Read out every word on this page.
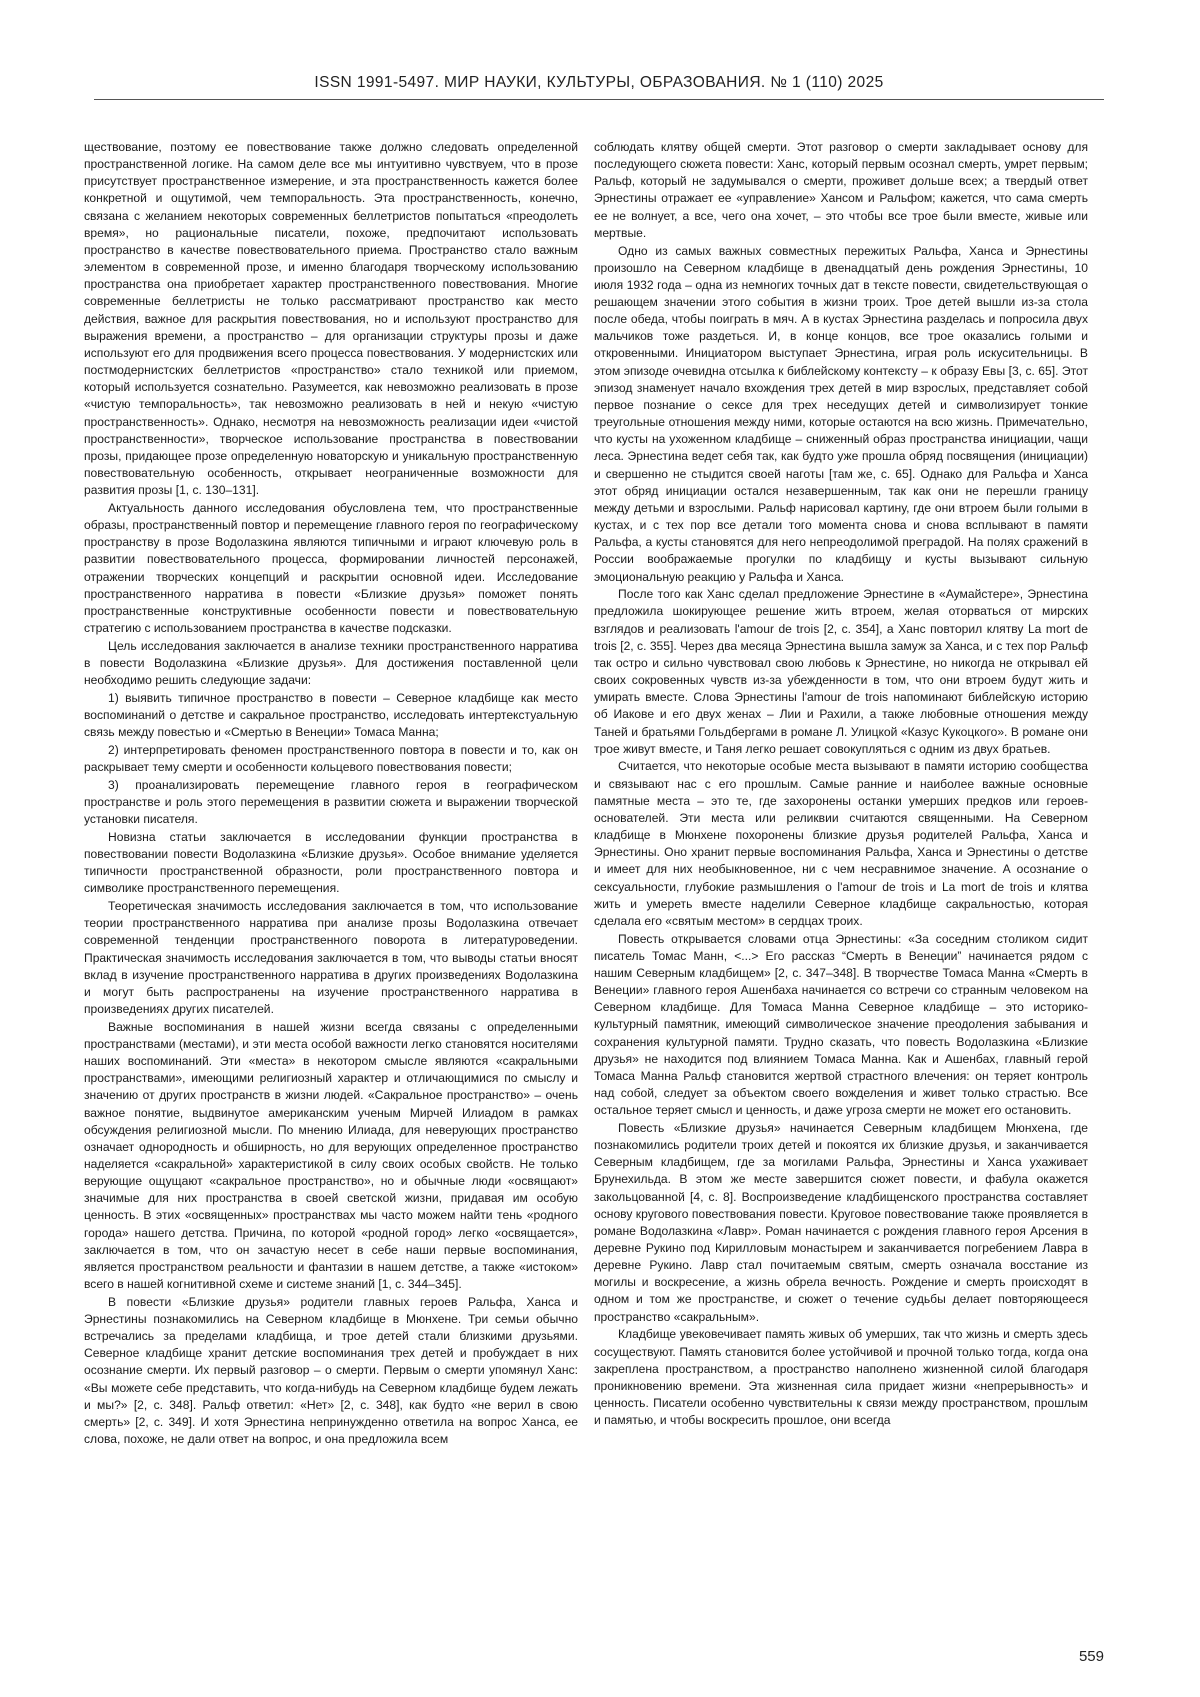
ISSN 1991-5497. МИР НАУКИ, КУЛЬТУРЫ, ОБРАЗОВАНИЯ. № 1 (110) 2025

ществование, поэтому ее повествование также должно следовать определенной пространственной логике. На самом деле все мы интуитивно чувствуем, что в прозе присутствует пространственное измерение, и эта пространственность кажется более конкретной и ощутимой, чем темпоральность. Эта пространственность, конечно, связана с желанием некоторых современных беллетристов попытаться «преодолеть время», но рациональные писатели, похоже, предпочитают использовать пространство в качестве повествовательного приема. Пространство стало важным элементом в современной прозе, и именно благодаря творческому использованию пространства она приобретает характер пространственного повествования. Многие современные беллетристы не только рассматривают пространство как место действия, важное для раскрытия повествования, но и используют пространство для выражения времени, а пространство – для организации структуры прозы и даже используют его для продвижения всего процесса повествования. У модернистских или постмодернистских беллетристов «пространство» стало техникой или приемом, который используется сознательно. Разумеется, как невозможно реализовать в прозе «чистую темпоральность», так невозможно реализовать в ней и некую «чистую пространственность». Однако, несмотря на невозможность реализации идеи «чистой пространственности», творческое использование пространства в повествовании прозы, придающее прозе определенную новаторскую и уникальную пространственную повествовательную особенность, открывает неограниченные возможности для развития прозы [1, с. 130–131].

Актуальность данного исследования обусловлена тем, что пространственные образы, пространственный повтор и перемещение главного героя по географическому пространству в прозе Водолазкина являются типичными и играют ключевую роль в развитии повествовательного процесса, формировании личностей персонажей, отражении творческих концепций и раскрытии основной идеи. Исследование пространственного нарратива в повести «Близкие друзья» поможет понять пространственные конструктивные особенности повести и повествовательную стратегию с использованием пространства в качестве подсказки.

Цель исследования заключается в анализе техники пространственного нарратива в повести Водолазкина «Близкие друзья». Для достижения поставленной цели необходимо решить следующие задачи:

1) выявить типичное пространство в повести – Северное кладбище как место воспоминаний о детстве и сакральное пространство, исследовать интертекстуальную связь между повестью и «Смертью в Венеции» Томаса Манна;

2) интерпретировать феномен пространственного повтора в повести и то, как он раскрывает тему смерти и особенности кольцевого повествования повести;

3) проанализировать перемещение главного героя в географическом пространстве и роль этого перемещения в развитии сюжета и выражении творческой установки писателя.

Новизна статьи заключается в исследовании функции пространства в повествовании повести Водолазкина «Близкие друзья». Особое внимание уделяется типичности пространственной образности, роли пространственного повтора и символике пространственного перемещения.

Теоретическая значимость исследования заключается в том, что использование теории пространственного нарратива при анализе прозы Водолазкина отвечает современной тенденции пространственного поворота в литературоведении. Практическая значимость исследования заключается в том, что выводы статьи вносят вклад в изучение пространственного нарратива в других произведениях Водолазкина и могут быть распространены на изучение пространственного нарратива в произведениях других писателей.

Важные воспоминания в нашей жизни всегда связаны с определенными пространствами (местами), и эти места особой важности легко становятся носителями наших воспоминаний. Эти «места» в некотором смысле являются «сакральными пространствами», имеющими религиозный характер и отличающимися по смыслу и значению от других пространств в жизни людей. «Сакральное пространство» – очень важное понятие, выдвинутое американским ученым Мирчей Илиадом в рамках обсуждения религиозной мысли. По мнению Илиада, для неверующих пространство означает однородность и обширность, но для верующих определенное пространство наделяется «сакральной» характеристикой в силу своих особых свойств. Не только верующие ощущают «сакральное пространство», но и обычные люди «освящают» значимые для них пространства в своей светской жизни, придавая им особую ценность. В этих «освященных» пространствах мы часто можем найти тень «родного города» нашего детства. Причина, по которой «родной город» легко «освящается», заключается в том, что он зачастую несет в себе наши первые воспоминания, является пространством реальности и фантазии в нашем детстве, а также «истоком» всего в нашей когнитивной схеме и системе знаний [1, с. 344–345].

В повести «Близкие друзья» родители главных героев Ральфа, Ханса и Эрнестины познакомились на Северном кладбище в Мюнхене. Три семьи обычно встречались за пределами кладбища, и трое детей стали близкими друзьями. Северное кладбище хранит детские воспоминания трех детей и пробуждает в них осознание смерти. Их первый разговор – о смерти. Первым о смерти упомянул Ханс: «Вы можете себе представить, что когда-нибудь на Северном кладбище будем лежать и мы?» [2, с. 348]. Ральф ответил: «Нет» [2, с. 348], как будто «не верил в свою смерть» [2, с. 349]. И хотя Эрнестина непринужденно ответила на вопрос Ханса, ее слова, похоже, не дали ответ на вопрос, и она предложила всем

соблюдать клятву общей смерти. Этот разговор о смерти закладывает основу для последующего сюжета повести: Ханс, который первым осознал смерть, умрет первым; Ральф, который не задумывался о смерти, проживет дольше всех; а твердый ответ Эрнестины отражает ее «управление» Хансом и Ральфом; кажется, что сама смерть ее не волнует, а все, чего она хочет, – это чтобы все трое были вместе, живые или мертвые.

Одно из самых важных совместных пережитых Ральфа, Ханса и Эрнестины произошло на Северном кладбище в двенадцатый день рождения Эрнестины, 10 июля 1932 года – одна из немногих точных дат в тексте повести, свидетельствующая о решающем значении этого события в жизни троих. Трое детей вышли из-за стола после обеда, чтобы поиграть в мяч. А в кустах Эрнестина разделась и попросила двух мальчиков тоже раздеться. И, в конце концов, все трое оказались голыми и откровенными. Инициатором выступает Эрнестина, играя роль искусительницы. В этом эпизоде очевидна отсылка к библейскому контексту – к образу Евы [3, с. 65]. Этот эпизод знаменует начало вхождения трех детей в мир взрослых, представляет собой первое познание о сексе для трех неседущих детей и символизирует тонкие треугольные отношения между ними, которые остаются на всю жизнь. Примечательно, что кусты на ухоженном кладбище – сниженный образ пространства инициации, чащи леса. Эрнестина ведет себя так, как будто уже прошла обряд посвящения (инициации) и свершенно не стыдится своей наготы [там же, с. 65]. Однако для Ральфа и Ханса этот обряд инициации остался незавершенным, так как они не перешли границу между детьми и взрослыми. Ральф нарисовал картину, где они втроем были голыми в кустах, и с тех пор все детали того момента снова и снова всплывают в памяти Ральфа, а кусты становятся для него непреодолимой преградой. На полях сражений в России воображаемые прогулки по кладбищу и кусты вызывают сильную эмоциональную реакцию у Ральфа и Ханса.

После того как Ханс сделал предложение Эрнестине в «Аумайстере», Эрнестина предложила шокирующее решение жить втроем, желая оторваться от мирских взглядов и реализовать l'amour de trois [2, с. 354], а Ханс повторил клятву La mort de trois [2, с. 355]. Через два месяца Эрнестина вышла замуж за Ханса, и с тех пор Ральф так остро и сильно чувствовал свою любовь к Эрнестине, но никогда не открывал ей своих сокровенных чувств из-за убежденности в том, что они втроем будут жить и умирать вместе. Слова Эрнестины l'amour de trois напоминают библейскую историю об Иакове и его двух женах – Лии и Рахили, а также любовные отношения между Таней и братьями Гольдбергами в романе Л. Улицкой «Казус Кукоцкого». В романе они трое живут вместе, и Таня легко решает совокупляться с одним из двух братьев.

Считается, что некоторые особые места вызывают в памяти историю сообщества и связывают нас с его прошлым. Самые ранние и наиболее важные основные памятные места – это те, где захоронены останки умерших предков или героев-основателей. Эти места или реликвии считаются священными. На Северном кладбище в Мюнхене похоронены близкие друзья родителей Ральфа, Ханса и Эрнестины. Оно хранит первые воспоминания Ральфа, Ханса и Эрнестины о детстве и имеет для них необыкновенное, ни с чем несравнимое значение. А осознание о сексуальности, глубокие размышления о l'amour de trois и La mort de trois и клятва жить и умереть вместе наделили Северное кладбище сакральностью, которая сделала его «святым местом» в сердцах троих.

Повесть открывается словами отца Эрнестины: «За соседним столиком сидит писатель Томас Манн, <...> Его рассказ “Смерть в Венеции” начинается рядом с нашим Северным кладбищем» [2, с. 347–348]. В творчестве Томаса Манна «Смерть в Венеции» главного героя Ашенбаха начинается со встречи со странным человеком на Северном кладбище. Для Томаса Манна Северное кладбище – это историко-культурный памятник, имеющий символическое значение преодоления забывания и сохранения культурной памяти. Трудно сказать, что повесть Водолазкина «Близкие друзья» не находится под влиянием Томаса Манна. Как и Ашенбах, главный герой Томаса Манна Ральф становится жертвой страстного влечения: он теряет контроль над собой, следует за объектом своего вожделения и живет только страстью. Все остальное теряет смысл и ценность, и даже угроза смерти не может его остановить.

Повесть «Близкие друзья» начинается Северным кладбищем Мюнхена, где познакомились родители троих детей и покоятся их близкие друзья, и заканчивается Северным кладбищем, где за могилами Ральфа, Эрнестины и Ханса ухаживает Брунехильда. В этом же месте завершится сюжет повести, и фабула окажется закольцованной [4, с. 8]. Воспроизведение кладбищенского пространства составляет основу кругового повествования повести. Круговое повествование также проявляется в романе Водолазкина «Лавр». Роман начинается с рождения главного героя Арсения в деревне Рукино под Кирилловым монастырем и заканчивается погребением Лавра в деревне Рукино. Лавр стал почитаемым святым, смерть означала восстание из могилы и воскресение, а жизнь обрела вечность. Рождение и смерть происходят в одном и том же пространстве, и сюжет о течение судьбы делает повторяющееся пространство «сакральным».

Кладбище увековечивает память живых об умерших, так что жизнь и смерть здесь сосуществуют. Память становится более устойчивой и прочной только тогда, когда она закреплена пространством, а пространство наполнено жизненной силой благодаря проникновению времени. Эта жизненная сила придает жизни «непрерывность» и ценность. Писатели особенно чувствительны к связи между пространством, прошлым и памятью, и чтобы воскресить прошлое, они всегда

559
